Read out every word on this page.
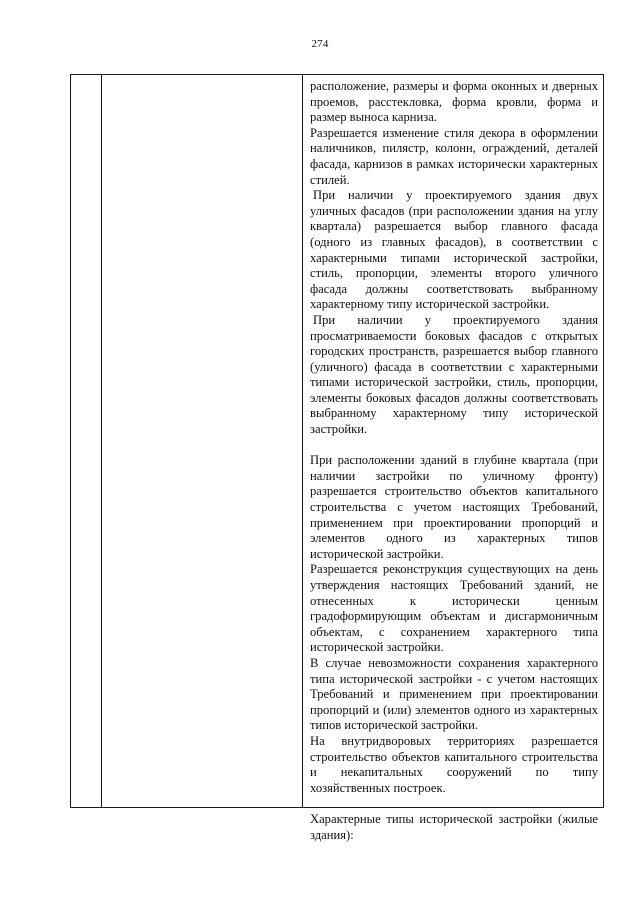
274

расположение, размеры и форма оконных и дверных проемов, расстекловка, форма кровли, форма и размер выноса карниза.

Разрешается изменение стиля декора в оформлении наличников, пилястр, колонн, ограждений, деталей фасада, карнизов в рамках исторически характерных стилей.

При наличии у проектируемого здания двух уличных фасадов (при расположении здания на углу квартала) разрешается выбор главного фасада (одного из главных фасадов), в соответствии с характерными типами исторической застройки, стиль, пропорции, элементы второго уличного фасада должны соответствовать выбранному характерному типу исторической застройки.

При наличии у проектируемого здания просматриваемости боковых фасадов с открытых городских пространств, разрешается выбор главного (уличного) фасада в соответствии с характерными типами исторической застройки, стиль, пропорции, элементы боковых фасадов должны соответствовать выбранному характерному типу исторической застройки.

При расположении зданий в глубине квартала (при наличии застройки по уличному фронту) разрешается строительство объектов капитального строительства с учетом настоящих Требований, применением при проектировании пропорций и элементов одного из характерных типов исторической застройки.

Разрешается реконструкция существующих на день утверждения настоящих Требований зданий, не отнесенных к исторически ценным градоформирующим объектам и дисгармоничным объектам, с сохранением характерного типа исторической застройки.

В случае невозможности сохранения характерного типа исторической застройки - с учетом настоящих Требований и применением при проектировании пропорций и (или) элементов одного из характерных типов исторической застройки.

На внутридворовых территориях разрешается строительство объектов капитального строительства и некапитальных сооружений по типу хозяйственных построек.

Характерные типы исторической застройки (жилые здания):
